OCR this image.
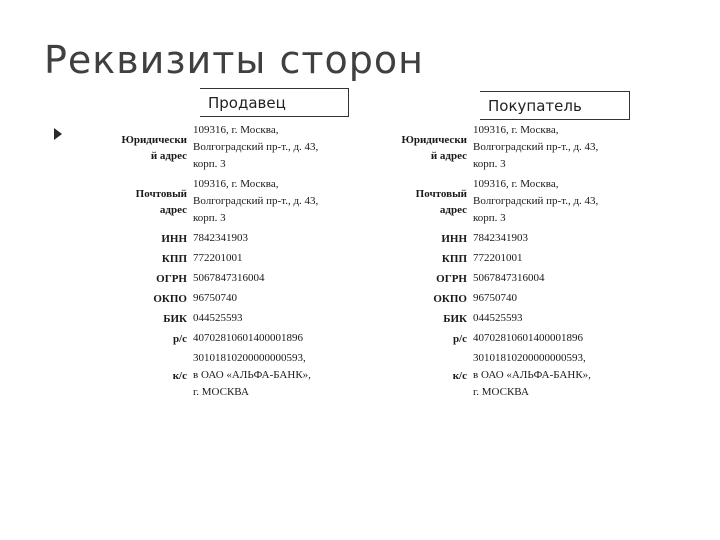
Реквизиты сторон
Продавец	Покупатель
Юридически
й адрес
109316, г. Москва,
Волгоградский пр-т., д. 43,
корп. 3
Почтовый
адрес
109316, г. Москва,
Волгоградский пр-т., д. 43,
корп. 3
ИНН 7842341903
КПП 772201001
ОГРН 5067847316004
ОКПО 96750740
БИК 044525593
р/с 40702810601400001896
к/с
30101810200000000593,
в ОАО «АЛЬФА-БАНК»,
г. МОСКВА
Юридически
й адрес
109316, г. Москва,
Волгоградский пр-т., д. 43,
корп. 3
Почтовый
адрес
109316, г. Москва,
Волгоградский пр-т., д. 43,
корп. 3
ИНН 7842341903
КПП 772201001
ОГРН 5067847316004
ОКПО 96750740
БИК 044525593
р/с 40702810601400001896
к/с
30101810200000000593,
в ОАО «АЛЬФА-БАНК»,
г. МОСКВА
